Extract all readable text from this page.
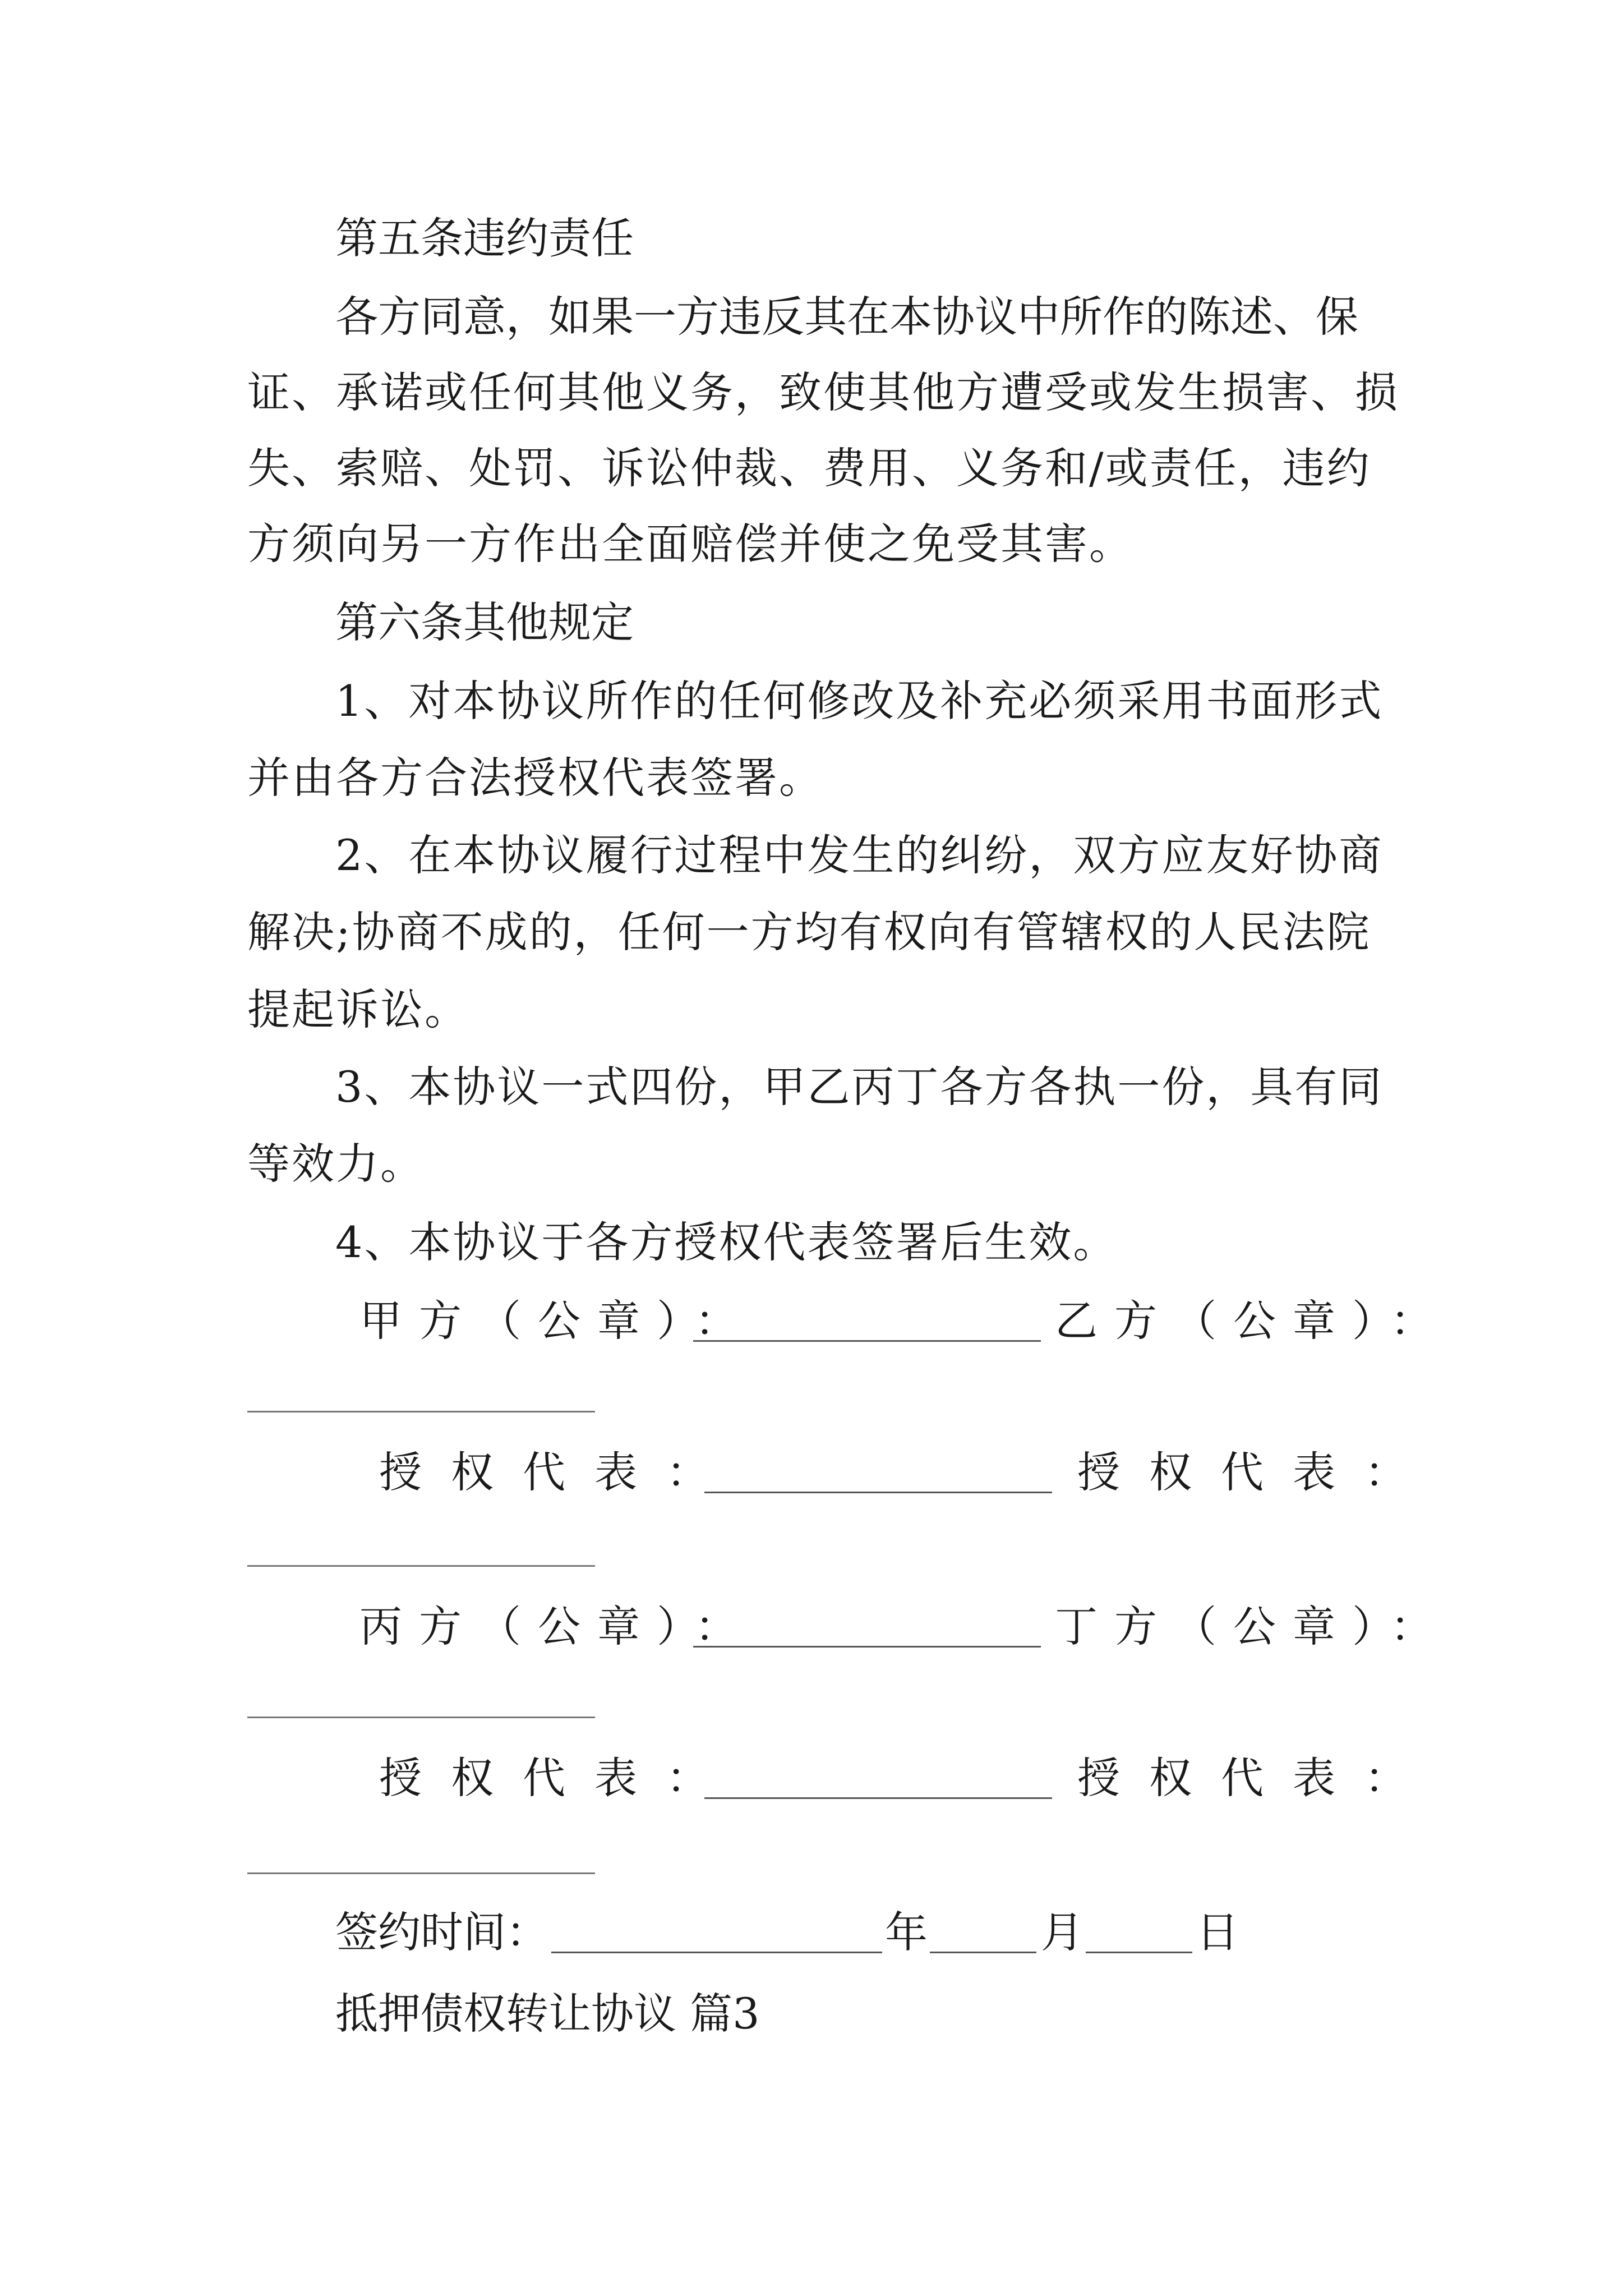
第五条违约责任

各方同意，如果一方违反其在本协议中所作的陈述、保

证、承诺或任何其他义务，致使其他方遭受或发生损害、损

失、索赔、处罚、诉讼仲裁、费用、义务和/或责任，违约

方须向另一方作出全面赔偿并使之免受其害。

第六条其他规定

1、对本协议所作的任何修改及补充必须采用书面形式

并由各方合法授权代表签署。

2、在本协议履行过程中发生的纠纷，双方应友好协商

解决;协商不成的，任何一方均有权向有管辖权的人民法院

提起诉讼。

3、本协议一式四份，甲乙丙丁各方各执一份，具有同

等效力。

4、本协议于各方授权代表签署后生效。

甲方（公章）：	乙方（公章）：
授权代表：	授权代表：
丙方（公章）：	丁方（公章）：
授权代表：	授权代表：
签约时间：	年	月	日

抵押债权转让协议 篇3
